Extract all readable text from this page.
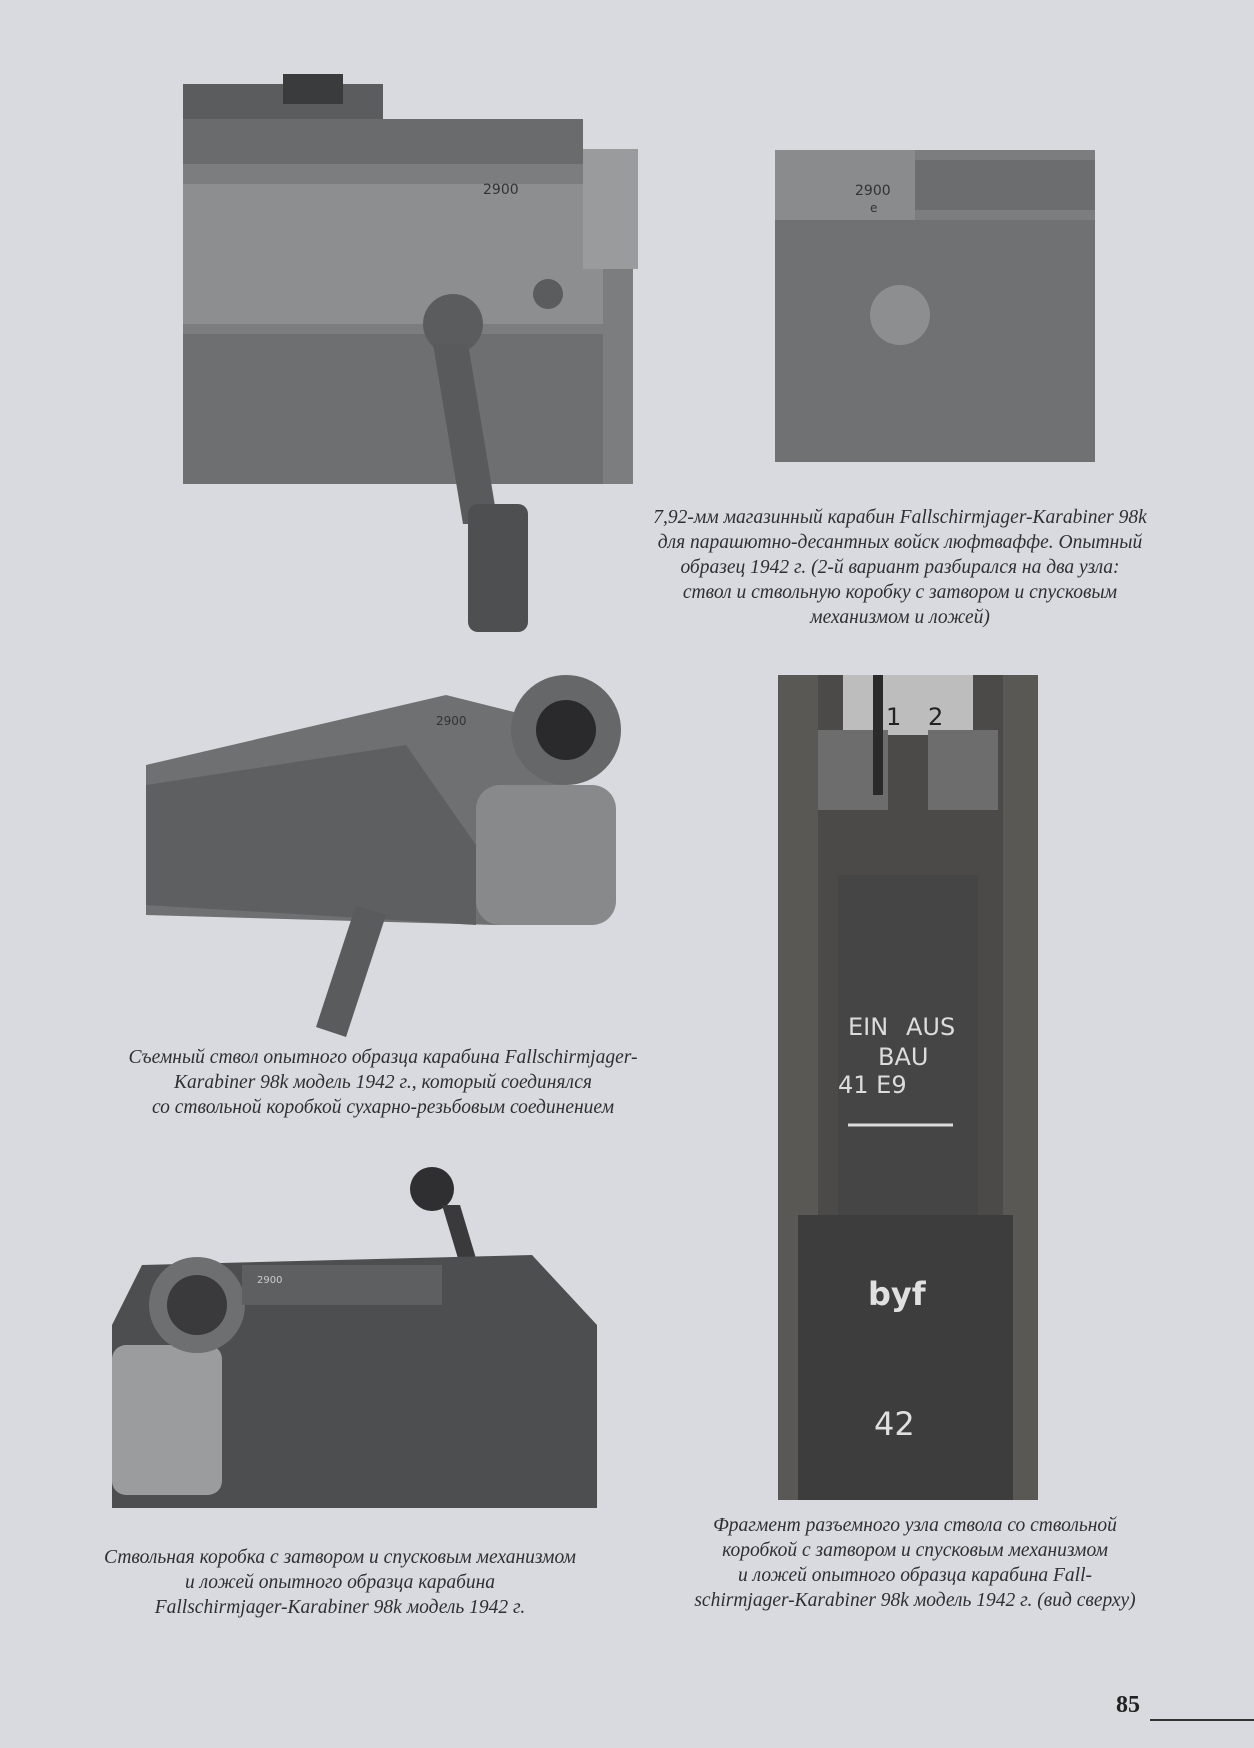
2900	2900
e
7,92-мм магазинный карабин Fallschirmjager-Karabiner 98k
для парашютно-десантных войск люфтваффе. Опытный
образец 1942 г. (2-й вариант разбирался на два узла:
ствол и ствольную коробку с затвором и спусковым
механизмом и ложей)
2900
Съемный ствол опытного образца карабина Fallschirmjager-
Karabiner 98k модель 1942 г., который соединялся
со ствольной коробкой сухарно-резьбовым соединением
1 2
EIN AUS
BAU
41 E9
byf
42
2900
Ствольная коробка с затвором и спусковым механизмом
и ложей опытного образца карабина
Fallschirmjager-Karabiner 98k модель 1942 г.
Фрагмент разъемного узла ствола со ствольной
коробкой с затвором и спусковым механизмом
и ложей опытного образца карабина Fall-
schirmjager-Karabiner 98k модель 1942 г. (вид сверху)
85
